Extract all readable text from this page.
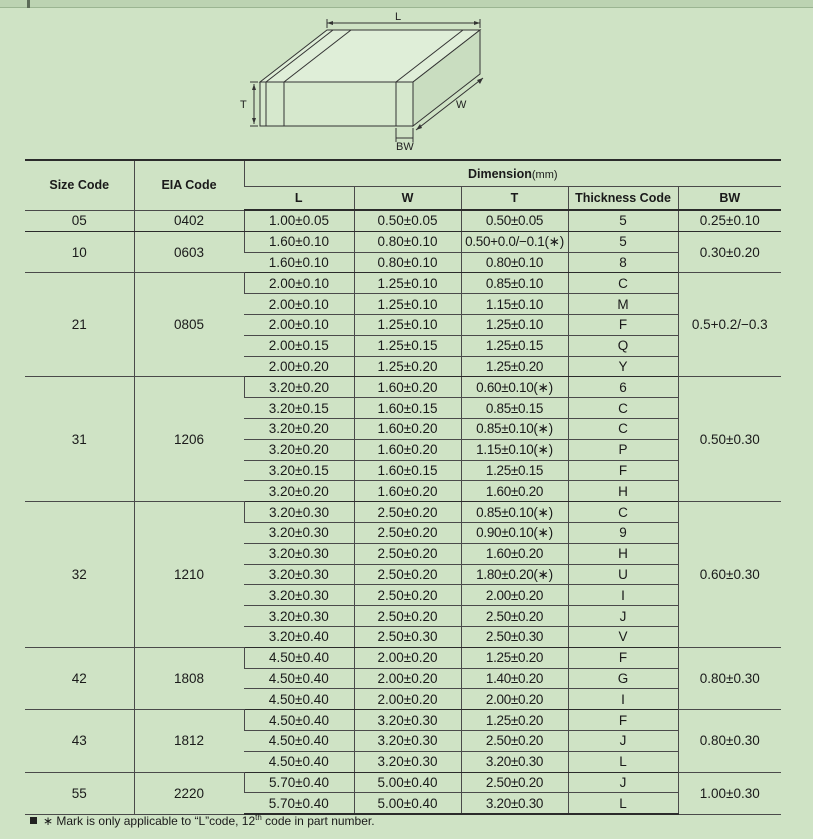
L
T	W
BW
Size Code	EIA Code	Dimension(mm)				
		L	W	T	Thickness Code	BW
05	0402	1.00±0.05	0.50±0.05	0.50±0.05	5	0.25±0.10
10	0603	1.60±0.10	0.80±0.10	0.50+0.0/−0.1(∗)	5	0.30±0.20
		1.60±0.10	0.80±0.10	0.80±0.10	8	
21	0805	2.00±0.10	1.25±0.10	0.85±0.10	C	0.5+0.2/−0.3
		2.00±0.10	1.25±0.10	1.15±0.10	M	
		2.00±0.10	1.25±0.10	1.25±0.10	F	
		2.00±0.15	1.25±0.15	1.25±0.15	Q	
		2.00±0.20	1.25±0.20	1.25±0.20	Y	
31	1206	3.20±0.20	1.60±0.20	0.60±0.10(∗)	6	0.50±0.30
		3.20±0.15	1.60±0.15	0.85±0.15	C	
		3.20±0.20	1.60±0.20	0.85±0.10(∗)	C	
		3.20±0.20	1.60±0.20	1.15±0.10(∗)	P	
		3.20±0.15	1.60±0.15	1.25±0.15	F	
		3.20±0.20	1.60±0.20	1.60±0.20	H	
32	1210	3.20±0.30	2.50±0.20	0.85±0.10(∗)	C	0.60±0.30
		3.20±0.30	2.50±0.20	0.90±0.10(∗)	9	
		3.20±0.30	2.50±0.20	1.60±0.20	H	
		3.20±0.30	2.50±0.20	1.80±0.20(∗)	U	
		3.20±0.30	2.50±0.20	2.00±0.20	I	
		3.20±0.30	2.50±0.20	2.50±0.20	J	
		3.20±0.40	2.50±0.30	2.50±0.30	V	
42	1808	4.50±0.40	2.00±0.20	1.25±0.20	F	0.80±0.30
		4.50±0.40	2.00±0.20	1.40±0.20	G	
		4.50±0.40	2.00±0.20	2.00±0.20	I	
43	1812	4.50±0.40	3.20±0.30	1.25±0.20	F	0.80±0.30
		4.50±0.40	3.20±0.30	2.50±0.20	J	
		4.50±0.40	3.20±0.30	3.20±0.30	L	
55	2220	5.70±0.40	5.00±0.40	2.50±0.20	J	1.00±0.30
		5.70±0.40	5.00±0.40	3.20±0.30	L	
∗ Mark is only applicable to “L”code, 12th code in part number.
